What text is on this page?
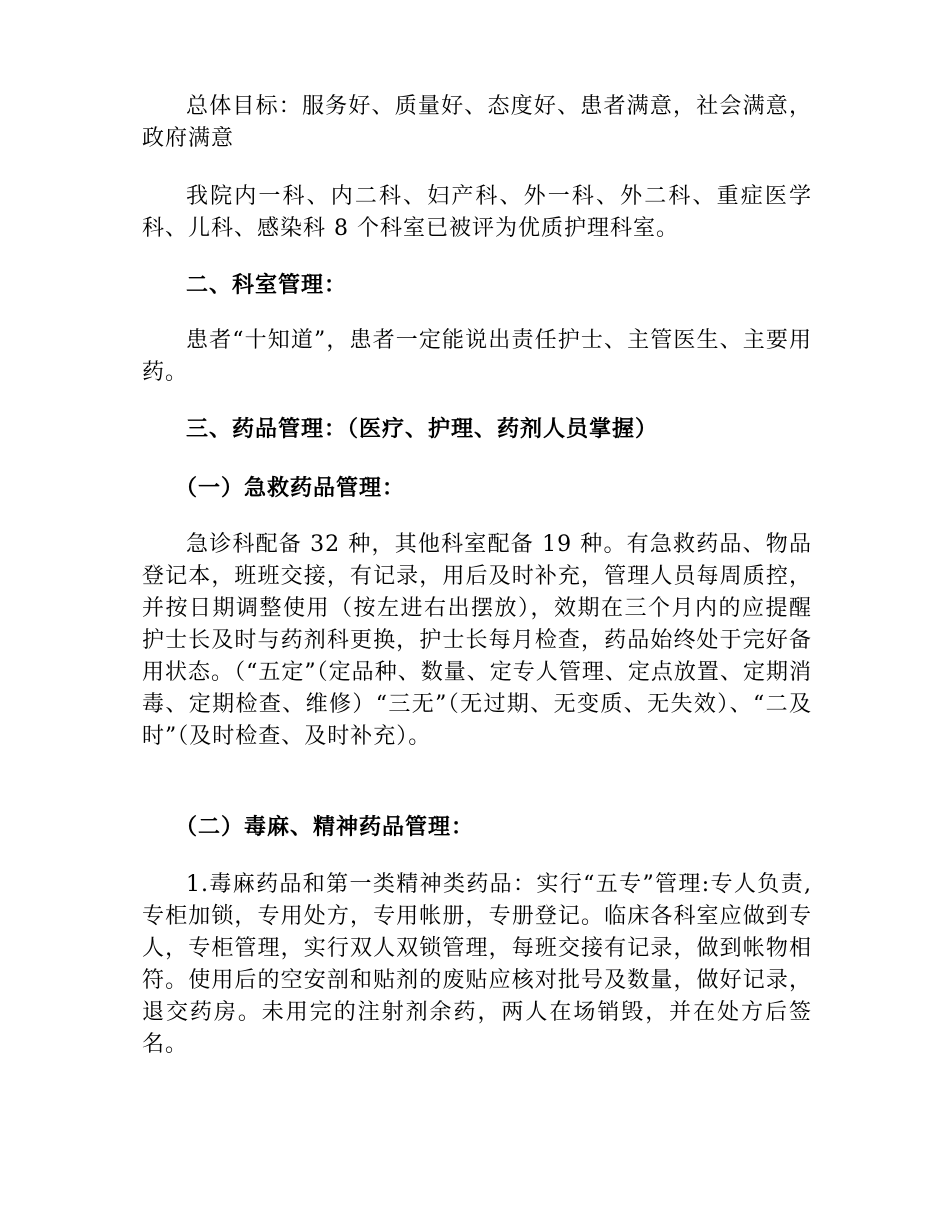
总体目标：服务好、质量好、态度好、患者满意，社会满意，政府满意

我院内一科、内二科、妇产科、外一科、外二科、重症医学科、儿科、感染科 8 个科室已被评为优质护理科室。

二、科室管理：

患者“十知道”，患者一定能说出责任护士、主管医生、主要用药。

三、药品管理：（医疗、护理、药剂人员掌握）

（一）急救药品管理：

急诊科配备 32 种，其他科室配备 19 种。有急救药品、物品登记本，班班交接，有记录，用后及时补充，管理人员每周质控，并按日期调整使用（按左进右出摆放），效期在三个月内的应提醒护士长及时与药剂科更换，护士长每月检查，药品始终处于完好备用状态。（“五定”（定品种、数量、定专人管理、定点放置、定期消毒、定期检查、维修）“三无”（无过期、无变质、无失效）、“二及时”（及时检查、及时补充）。

（二）毒麻、精神药品管理：

1.毒麻药品和第一类精神类药品：实行“五专”管理:专人负责,专柜加锁，专用处方，专用帐册，专册登记。临床各科室应做到专人，专柜管理，实行双人双锁管理，每班交接有记录，做到帐物相符。使用后的空安剖和贴剂的废贴应核对批号及数量，做好记录，退交药房。未用完的注射剂余药，两人在场销毁，并在处方后签名。
